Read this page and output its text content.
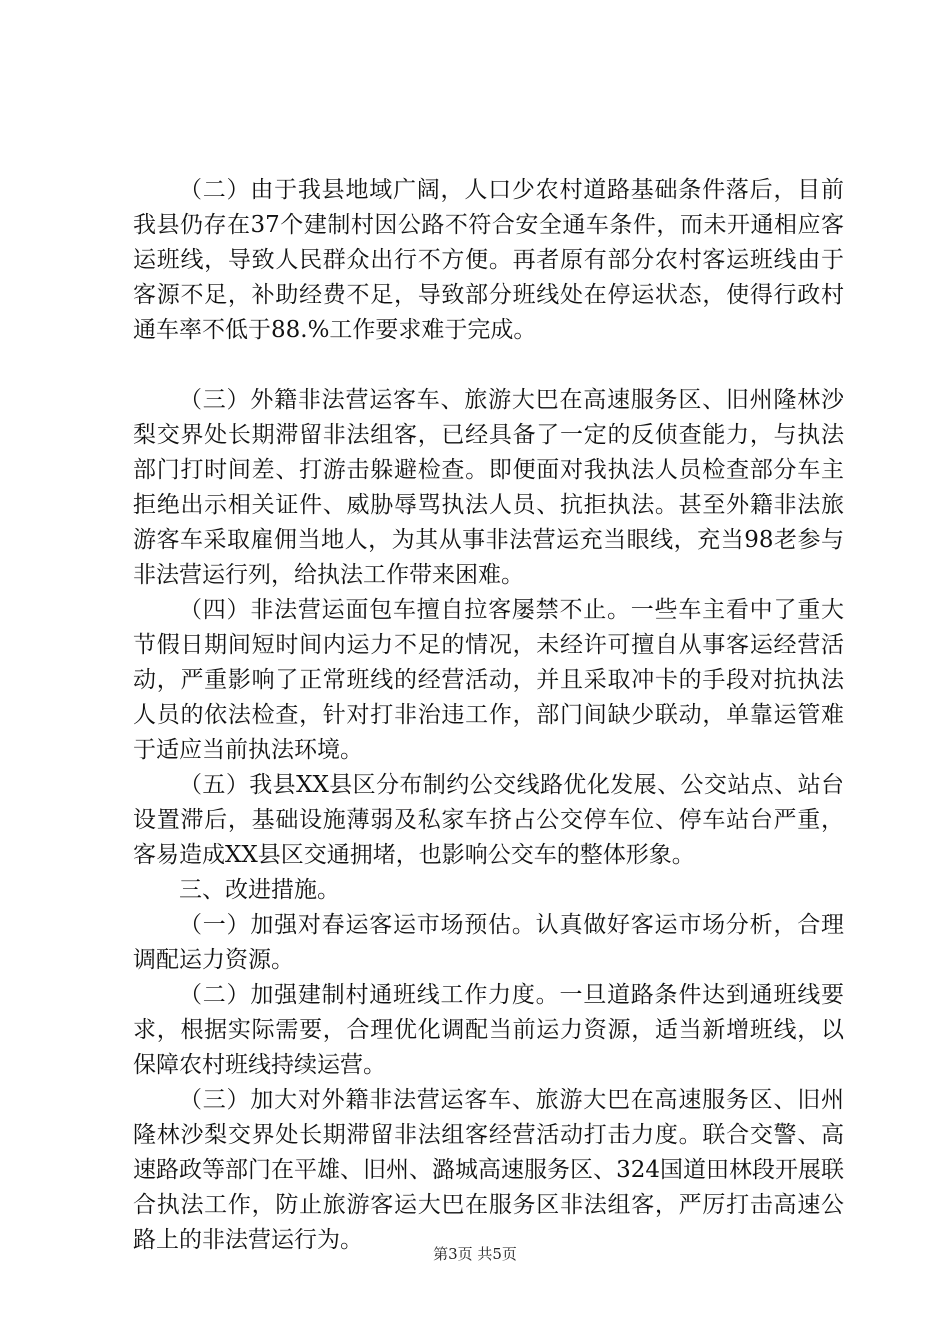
（二）由于我县地域广阔，人口少农村道路基础条件落后，目前我县仍存在37个建制村因公路不符合安全通车条件，而未开通相应客运班线，导致人民群众出行不方便。再者原有部分农村客运班线由于客源不足，补助经费不足，导致部分班线处在停运状态，使得行政村通车率不低于88.%工作要求难于完成。

（三）外籍非法营运客车、旅游大巴在高速服务区、旧州隆林沙梨交界处长期滞留非法组客，已经具备了一定的反侦查能力，与执法部门打时间差、打游击躲避检查。即便面对我执法人员检查部分车主拒绝出示相关证件、威胁辱骂执法人员、抗拒执法。甚至外籍非法旅游客车采取雇佣当地人，为其从事非法营运充当眼线，充当98老参与非法营运行列，给执法工作带来困难。

（四）非法营运面包车擅自拉客屡禁不止。一些车主看中了重大节假日期间短时间内运力不足的情况，未经许可擅自从事客运经营活动，严重影响了正常班线的经营活动，并且采取冲卡的手段对抗执法人员的依法检查，针对打非治违工作，部门间缺少联动，单靠运管难于适应当前执法环境。

（五）我县XX县区分布制约公交线路优化发展、公交站点、站台设置滞后，基础设施薄弱及私家车挤占公交停车位、停车站台严重，客易造成XX县区交通拥堵，也影响公交车的整体形象。

三、改进措施。

（一）加强对春运客运市场预估。认真做好客运市场分析，合理调配运力资源。

（二）加强建制村通班线工作力度。一旦道路条件达到通班线要求，根据实际需要，合理优化调配当前运力资源，适当新增班线，以保障农村班线持续运营。

（三）加大对外籍非法营运客车、旅游大巴在高速服务区、旧州隆林沙梨交界处长期滞留非法组客经营活动打击力度。联合交警、高速路政等部门在平雄、旧州、潞城高速服务区、324国道田林段开展联合执法工作，防止旅游客运大巴在服务区非法组客，严厉打击高速公路上的非法营运行为。

第3页 共5页
